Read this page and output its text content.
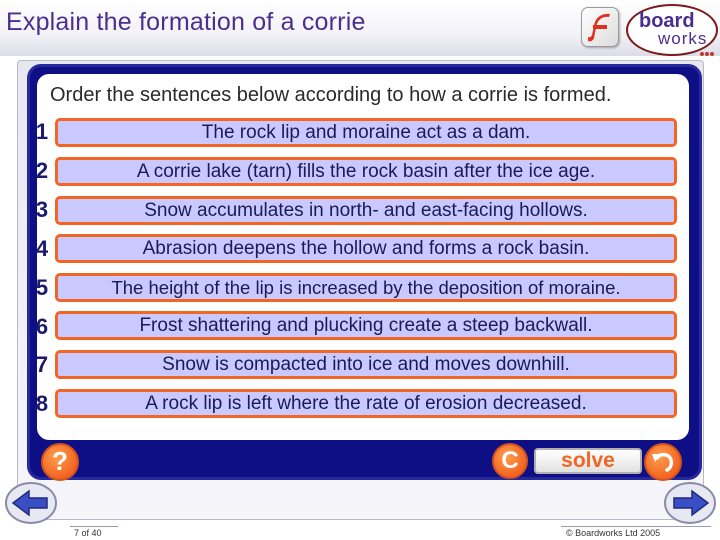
Explain the formation of a corrie	board
works
Order the sentences below according to how a corrie is formed.
1	The rock lip and moraine act as a dam.
2	A corrie lake (tarn) fills the rock basin after the ice age.
3	Snow accumulates in north- and east-facing hollows.
4	Abrasion deepens the hollow and forms a rock basin.
5	The height of the lip is increased by the deposition of moraine.
6	Frost shattering and plucking create a steep backwall.
7	Snow is compacted into ice and moves downhill.
8	A rock lip is left where the rate of erosion decreased.
?	C	solve
7 of 40	© Boardworks Ltd 2005
